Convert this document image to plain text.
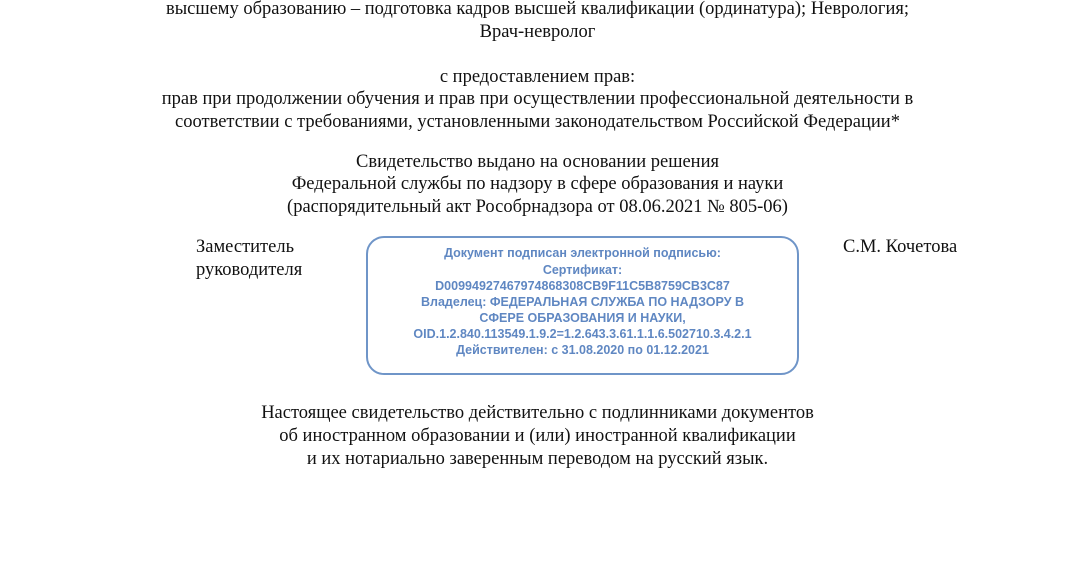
высшему образованию – подготовка кадров высшей квалификации (ординатура); Неврология;
Врач-невролог
с предоставлением прав:
прав при продолжении обучения и прав при осуществлении профессиональной деятельности в
соответствии с требованиями, установленными законодательством Российской Федерации*
Свидетельство выдано на основании решения
Федеральной службы по надзору в сфере образования и науки
(распорядительный акт Рособрнадзора от 08.06.2021 № 805-06)
Заместитель
руководителя
С.М. Кочетова
Документ подписан электронной подписью:
Сертификат:
D00994927467974868308CB9F11C5B8759CB3C87
Владелец: ФЕДЕРАЛЬНАЯ СЛУЖБА ПО НАДЗОРУ В
СФЕРЕ ОБРАЗОВАНИЯ И НАУКИ,
OID.1.2.840.113549.1.9.2=1.2.643.3.61.1.1.6.502710.3.4.2.1
Действителен: с 31.08.2020 по 01.12.2021
Настоящее свидетельство действительно с подлинниками документов
об иностранном образовании и (или) иностранной квалификации
и их нотариально заверенным переводом на русский язык.
